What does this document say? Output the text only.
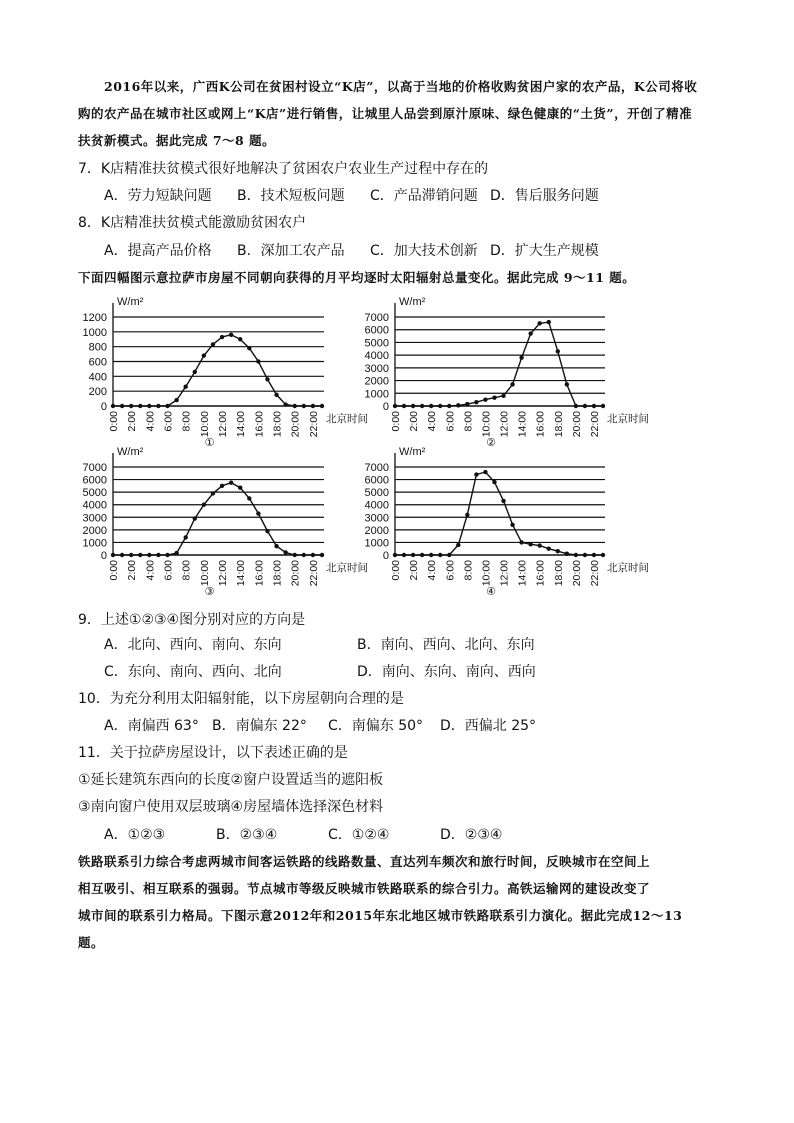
2016年以来，广西K公司在贫困村设立“K店”，以高于当地的价格收购贫困户家的农产品，K公司将收
购的农产品在城市社区或网上“K店”进行销售，让城里人品尝到原汁原味、绿色健康的“土货”，开创了精准
扶贫新模式。据此完成 7～8 题。
7．K店精准扶贫模式很好地解决了贫困农户农业生产过程中存在的
A．劳力短缺问题 B．技术短板问题 C．产品滞销问题 D．售后服务问题
8．K店精准扶贫模式能激励贫困农户
A．提高产品价格 B．深加工农产品 C．加大技术创新 D．扩大生产规模
下面四幅图示意拉萨市房屋不同朝向获得的月平均逐时太阳辐射总量变化。据此完成 9～11 题。
0
200
400
600
800
1000
1200
W/m²
0:00 2:00 4:00 6:00 8:00 10:00 12:00 14:00 16:00 18:00 20:00 22:00 北京时间
①
0
1000
2000
3000
4000
5000
6000
7000
W/m²
0:00 2:00 4:00 6:00 8:00 10:00 12:00 14:00 16:00 18:00 20:00 22:00 北京时间
②
0
1000
2000
3000
4000
5000
6000
7000
W/m²
0:00 2:00 4:00 6:00 8:00 10:00 12:00 14:00 16:00 18:00 20:00 22:00 北京时间
③
0
1000
2000
3000
4000
5000
6000
7000
W/m²
0:00 2:00 4:00 6:00 8:00 10:00 12:00 14:00 16:00 18:00 20:00 22:00 北京时间
④
9．上述①②③④图分别对应的方向是
A．北向、西向、南向、东向	B．南向、西向、北向、东向
C．东向、南向、西向、北向	D．南向、东向、南向、西向
10．为充分利用太阳辐射能，以下房屋朝向合理的是
A．南偏西 63° B．南偏东 22° C．南偏东 50° D．西偏北 25°
11．关于拉萨房屋设计，以下表述正确的是
①延长建筑东西向的长度②窗户设置适当的遮阳板
③南向窗户使用双层玻璃④房屋墙体选择深色材料
A．①②③	B．②③④	C．①②④	D．②③④
铁路联系引力综合考虑两城市间客运铁路的线路数量、直达列车频次和旅行时间，反映城市在空间上
相互吸引、相互联系的强弱。节点城市等级反映城市铁路联系的综合引力。高铁运输网的建设改变了
城市间的联系引力格局。下图示意2012年和2015年东北地区城市铁路联系引力演化。据此完成12～13
题。
